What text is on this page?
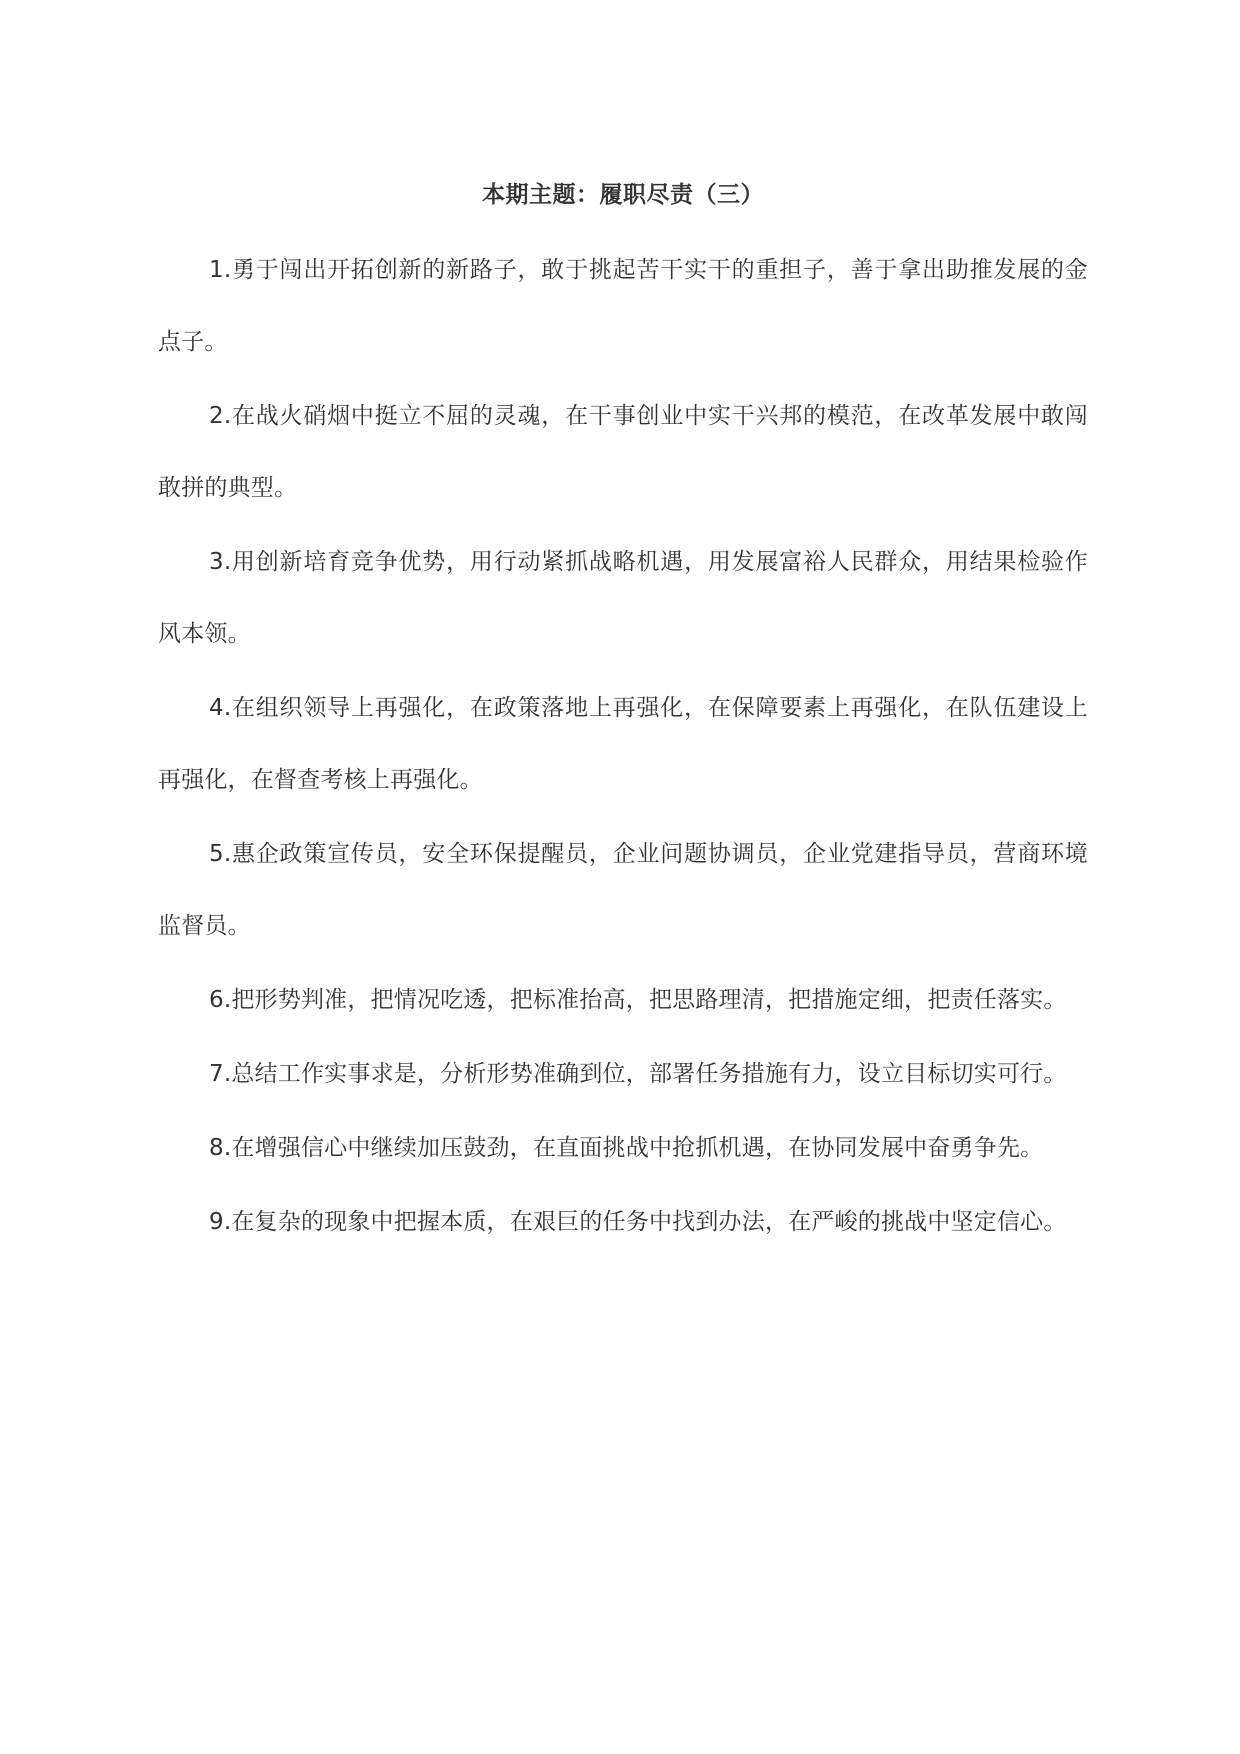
本期主题：履职尽责（三）

1.勇于闯出开拓创新的新路子，敢于挑起苦干实干的重担子，善于拿出助推发展的金点子。

2.在战火硝烟中挺立不屈的灵魂，在干事创业中实干兴邦的模范，在改革发展中敢闯敢拼的典型。

3.用创新培育竞争优势，用行动紧抓战略机遇，用发展富裕人民群众，用结果检验作风本领。

4.在组织领导上再强化，在政策落地上再强化，在保障要素上再强化，在队伍建设上再强化，在督查考核上再强化。

5.惠企政策宣传员，安全环保提醒员，企业问题协调员，企业党建指导员，营商环境监督员。

6.把形势判准，把情况吃透，把标准抬高，把思路理清，把措施定细，把责任落实。

7.总结工作实事求是，分析形势准确到位，部署任务措施有力，设立目标切实可行。

8.在增强信心中继续加压鼓劲，在直面挑战中抢抓机遇，在协同发展中奋勇争先。

9.在复杂的现象中把握本质，在艰巨的任务中找到办法，在严峻的挑战中坚定信心。
